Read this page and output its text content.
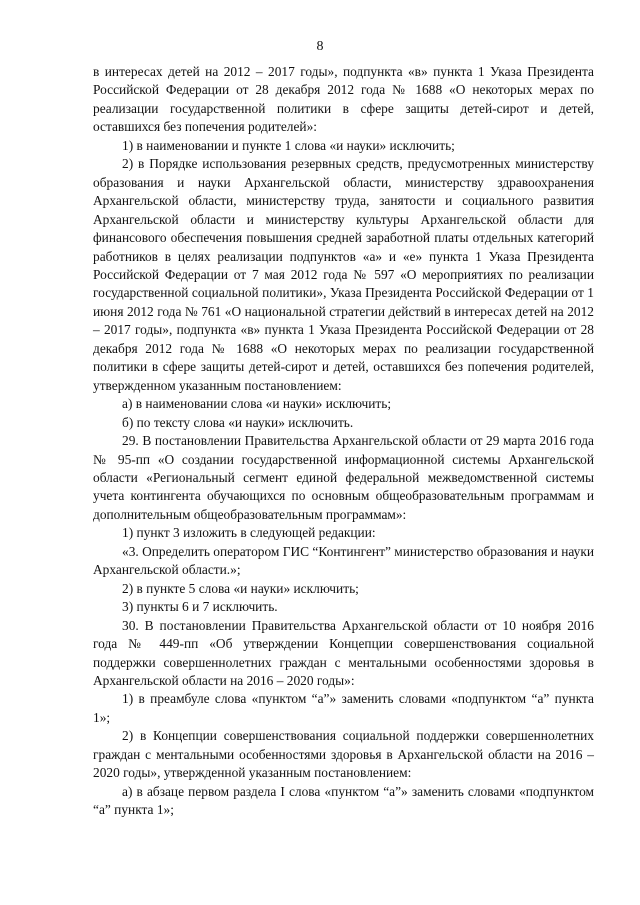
8

в интересах детей на 2012 – 2017 годы», подпункта «в» пункта 1 Указа Президента Российской Федерации от 28 декабря 2012 года № 1688 «О некоторых мерах по реализации государственной политики в сфере защиты детей-сирот и детей, оставшихся без попечения родителей»:

1) в наименовании и пункте 1 слова «и науки» исключить;

2) в Порядке использования резервных средств, предусмотренных министерству образования и науки Архангельской области, министерству здравоохранения Архангельской области, министерству труда, занятости и социального развития Архангельской области и министерству культуры Архангельской области для финансового обеспечения повышения средней заработной платы отдельных категорий работников в целях реализации подпунктов «а» и «е» пункта 1 Указа Президента Российской Федерации от 7 мая 2012 года № 597 «О мероприятиях по реализации государственной социальной политики», Указа Президента Российской Федерации от 1 июня 2012 года № 761 «О национальной стратегии действий в интересах детей на 2012 – 2017 годы», подпункта «в» пункта 1 Указа Президента Российской Федерации от 28 декабря 2012 года № 1688 «О некоторых мерах по реализации государственной политики в сфере защиты детей-сирот и детей, оставшихся без попечения родителей, утвержденном указанным постановлением:

а) в наименовании слова «и науки» исключить;

б) по тексту слова «и науки» исключить.

29. В постановлении Правительства Архангельской области от 29 марта 2016 года № 95-пп «О создании государственной информационной системы Архангельской области «Региональный сегмент единой федеральной межведомственной системы учета контингента обучающихся по основным общеобразовательным программам и дополнительным общеобразовательным программам»:

1) пункт 3 изложить в следующей редакции:

«3. Определить оператором ГИС “Контингент” министерство образования и науки Архангельской области.»;

2) в пункте 5 слова «и науки» исключить;

3) пункты 6 и 7 исключить.

30. В постановлении Правительства Архангельской области от 10 ноября 2016 года № 449-пп «Об утверждении Концепции совершенствования социальной поддержки совершеннолетних граждан с ментальными особенностями здоровья в Архангельской области на 2016 – 2020 годы»:

1) в преамбуле слова «пунктом “а”» заменить словами «подпунктом “а” пункта 1»;

2) в Концепции совершенствования социальной поддержки совершеннолетних граждан с ментальными особенностями здоровья в Архангельской области на 2016 – 2020 годы», утвержденной указанным постановлением:

а) в абзаце первом раздела I слова «пунктом “а”» заменить словами «подпунктом “а” пункта 1»;
